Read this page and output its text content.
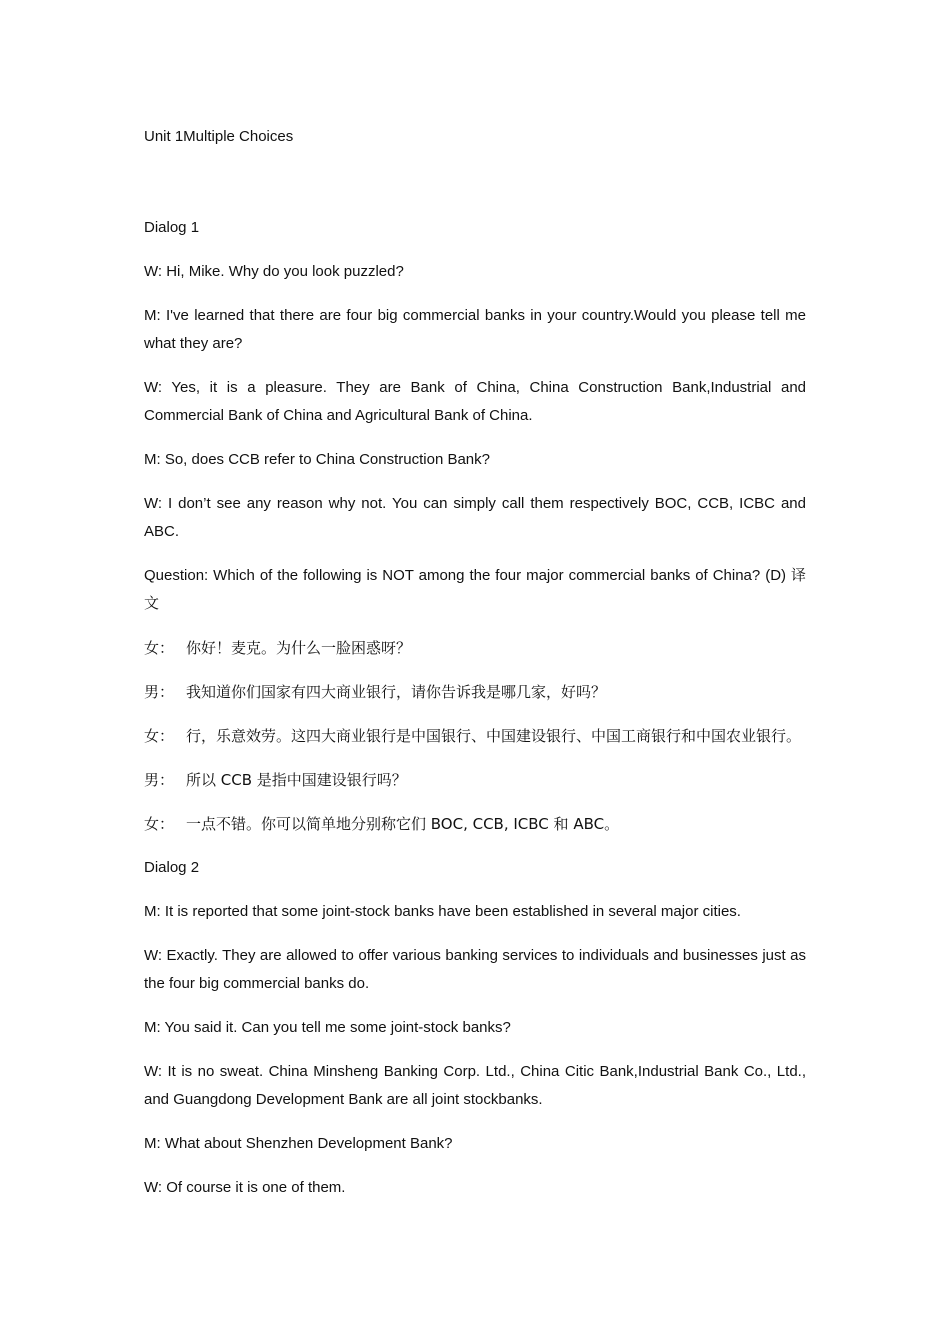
Unit 1Multiple Choices
Dialog 1

W: Hi, Mike. Why do you look puzzled?

M: I've learned that there are four big commercial banks in your country.Would you please tell me what they are?

W: Yes, it is a pleasure. They are Bank of China, China Construction Bank,Industrial and Commercial Bank of China and Agricultural Bank of China.

M: So, does CCB refer to China Construction Bank?

W: I don’t see any reason why not. You can simply call them respectively BOC, CCB, ICBC and ABC.

Question: Which of the following is NOT among the four major commercial banks of China? (D) 译文

女： 你好！麦克。为什么一脸困惑呀？

男： 我知道你们国家有四大商业银行，请你告诉我是哪几家，好吗？

女： 行，乐意效劳。这四大商业银行是中国银行、中国建设银行、中国工商银行和中国农业银行。

男： 所以 CCB 是指中国建设银行吗？

女： 一点不错。你可以简单地分别称它们 BOC, CCB, ICBC 和 ABC。

Dialog 2

M: It is reported that some joint-stock banks have been established in several major cities.

W: Exactly. They are allowed to offer various banking services to individuals and businesses just as the four big commercial banks do.

M: You said it. Can you tell me some joint-stock banks?

W: It is no sweat. China Minsheng Banking Corp. Ltd., China Citic Bank,Industrial Bank Co., Ltd., and Guangdong Development Bank are all joint stockbanks.

M: What about Shenzhen Development Bank?

W: Of course it is one of them.
